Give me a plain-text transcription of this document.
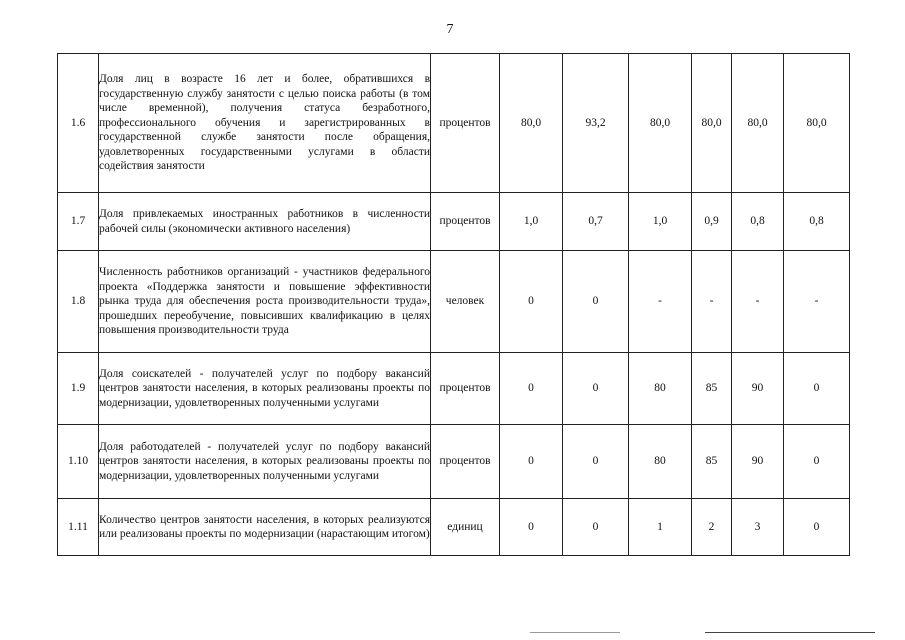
7
1.6	Доля лиц в возрасте 16 лет и более, обратившихся в государственную службу занятости с целью поиска работы (в том числе временной), получения статуса безработного, профессионального обучения и зарегистрированных в государственной службе занятости после обращения, удовлетворенных государственными услугами в области содействия занятости	процентов	80,0	93,2	80,0	80,0	80,0	80,0
1.7	Доля привлекаемых иностранных работников в численности рабочей силы (экономически активного населения)	процентов	1,0	0,7	1,0	0,9	0,8	0,8
1.8	Численность работников организаций - участников федерального проекта «Поддержка занятости и повышение эффективности рынка труда для обеспечения роста производительности труда», прошедших переобучение, повысивших квалификацию в целях повышения производительности труда	человек	0	0	-	-	-	-
1.9	Доля соискателей - получателей услуг по подбору вакансий центров занятости населения, в которых реализованы проекты по модернизации, удовлетворенных полученными услугами	процентов	0	0	80	85	90	0
1.10	Доля работодателей - получателей услуг по подбору вакансий центров занятости населения, в которых реализованы проекты по модернизации, удовлетворенных полученными услугами	процентов	0	0	80	85	90	0
1.11	Количество центров занятости населения, в которых реализуются или реализованы проекты по модернизации (нарастающим итогом)	единиц	0	0	1	2	3	0
